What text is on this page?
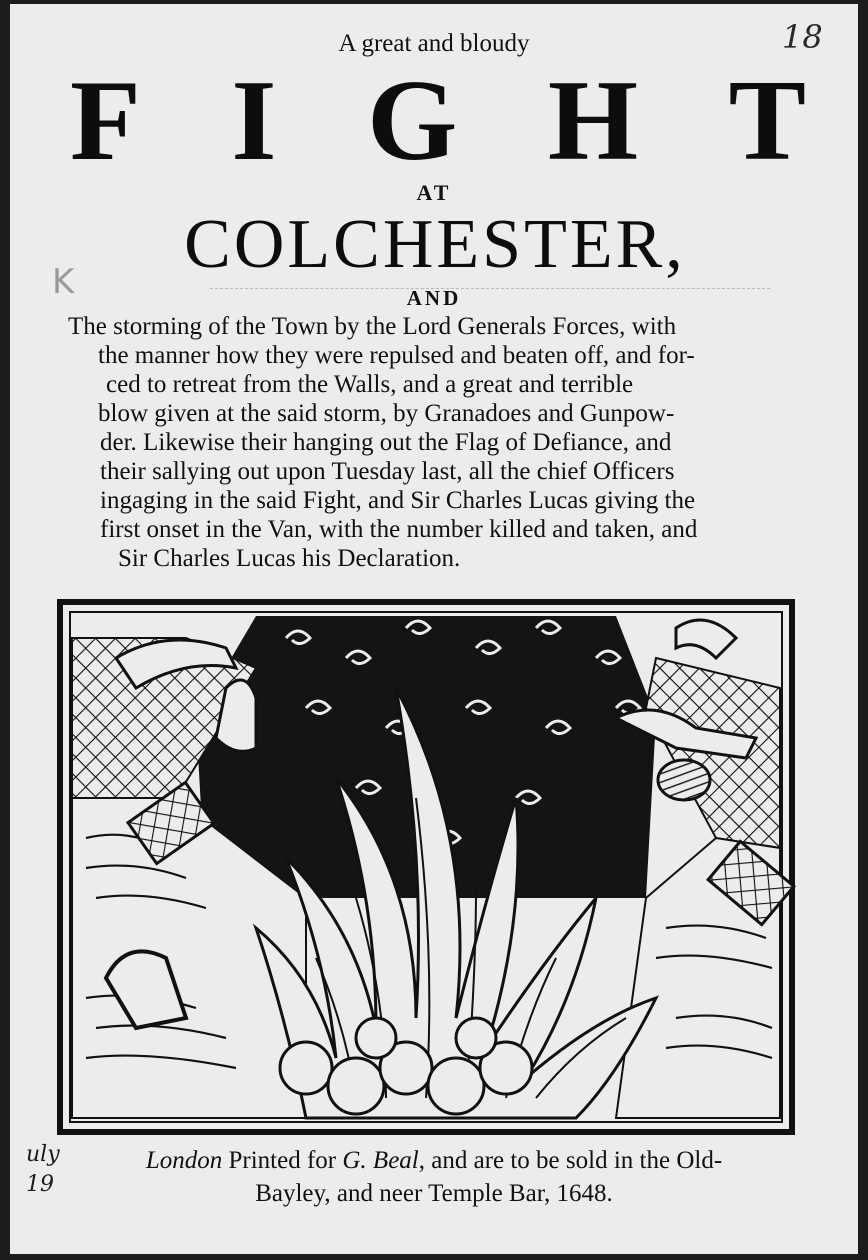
18
K
A great and bloudy
F I G H T
AT
COLCHESTER,
AND
The storming of the Town by the Lord Generals Forces, with
the manner how they were repulsed and beaten off, and for-
ced to retreat from the Walls, and a great and terrible
blow given at the said storm, by Granadoes and Gunpow-
der. Likewise their hanging out the Flag of Defiance, and
their sallying out upon Tuesday last, all the chief Officers
ingaging in the said Fight, and Sir Charles Lucas giving the
first onset in the Van, with the number killed and taken, and
Sir Charles Lucas his Declaration.
London Printed for G. Beal, and are to be sold in the Old-
Bayley, and neer Temple Bar, 1648.
uly
19
